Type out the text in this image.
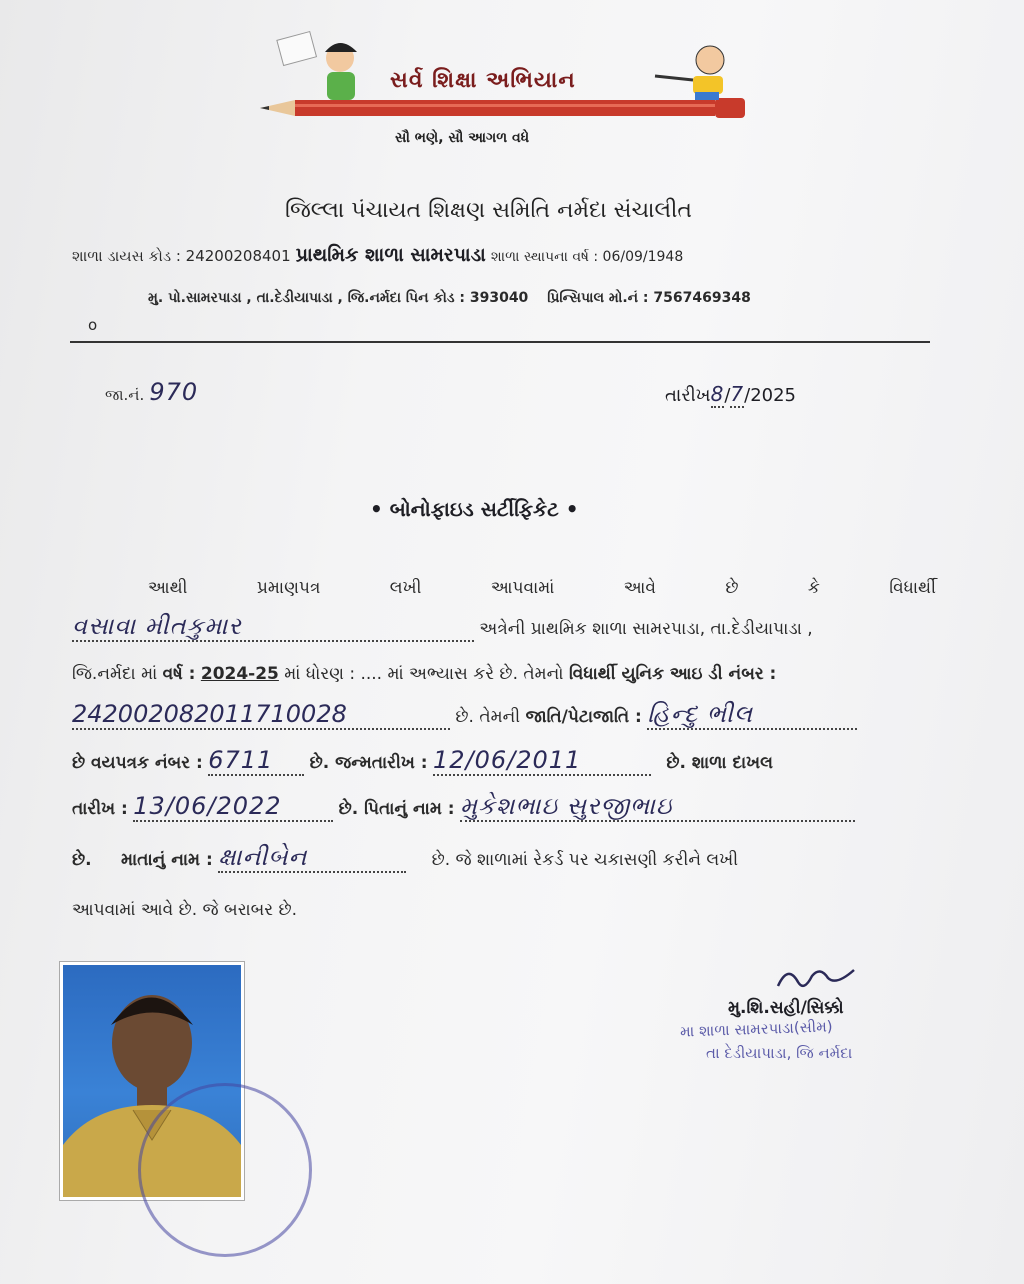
સર્વ શિક્ષા અભિયાન
સૌ ભણે, સૌ આગળ વધે
જિલ્લા પંચાયત શિક્ષણ સમિતિ નર્મદા સંચાલીત
શાળા ડાયસ કોડ : 24200208401 પ્રાથમિક શાળા સામરપાડા શાળા સ્થાપના વર્ષ : 06/09/1948
મુ. પો.સામરપાડા , તા.દેડીયાપાડા , જિ.નર્મદા પિન કોડ : 393040 પ્રિન્સિપાલ મો.નં : 7567469348
o
જા.નં. 970	તારીખ8/7/2025
• બોનોફાઇડ સર્ટીફિકેટ •
આથી	પ્રમાણપત્ર	લખી	આપવામાં	આવે	છે	કે	વિધાર્થી
વસાવા મીતકુમાર	અત્રેની પ્રાથમિક શાળા સામરપાડા, તા.દેડીયાપાડા ,
જિ.નર્મદા માં વર્ષ : 2024-25 માં ધોરણ : .... માં અભ્યાસ કરે છે. તેમનો વિધાર્થી યુનિક આઇ ડી નંબર :
242002082011710028	છે. તેમની જાતિ/પેટાજાતિ : હિન્દુ ભીલ
છે વયપત્રક નંબર : 6711 છે. જન્મતારીખ : 12/06/2011	છે. શાળા દાખલ
તારીખ : 13/06/2022	છે. પિતાનું નામ : મુકેશભાઇ સુરજીભાઇ
છે. માતાનું નામ : ક્ષાનીબેન	છે. જે શાળામાં રેકર્ડ પર ચકાસણી કરીને લખી
આપવામાં આવે છે. જે બરાબર છે.
મુ.શિ.સહી/સિક્કો
મા શાળા સામરપાડા(સીમ)
તા દેડીયાપાડા, જિ નર્મદા
